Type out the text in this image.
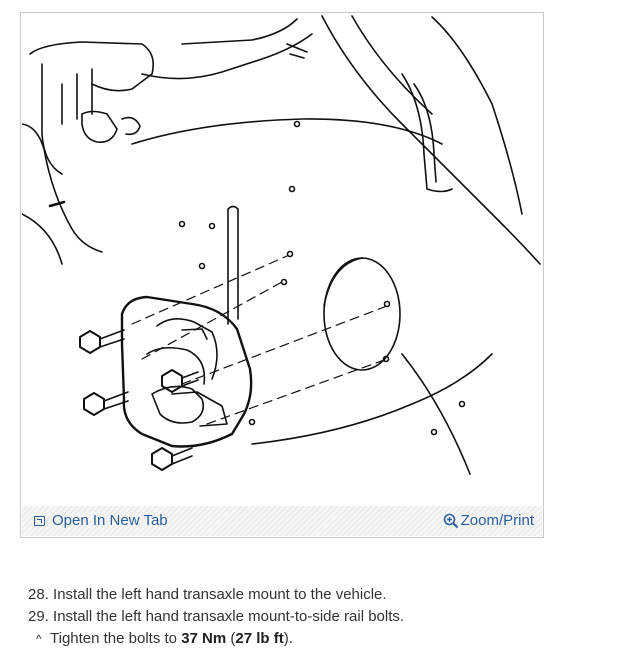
Open In New Tab	Zoom/Print
28. Install the left hand transaxle mount to the vehicle.
29. Install the left hand transaxle mount-to-side rail bolts.
^ Tighten the bolts to 37 Nm (27 lb ft).
